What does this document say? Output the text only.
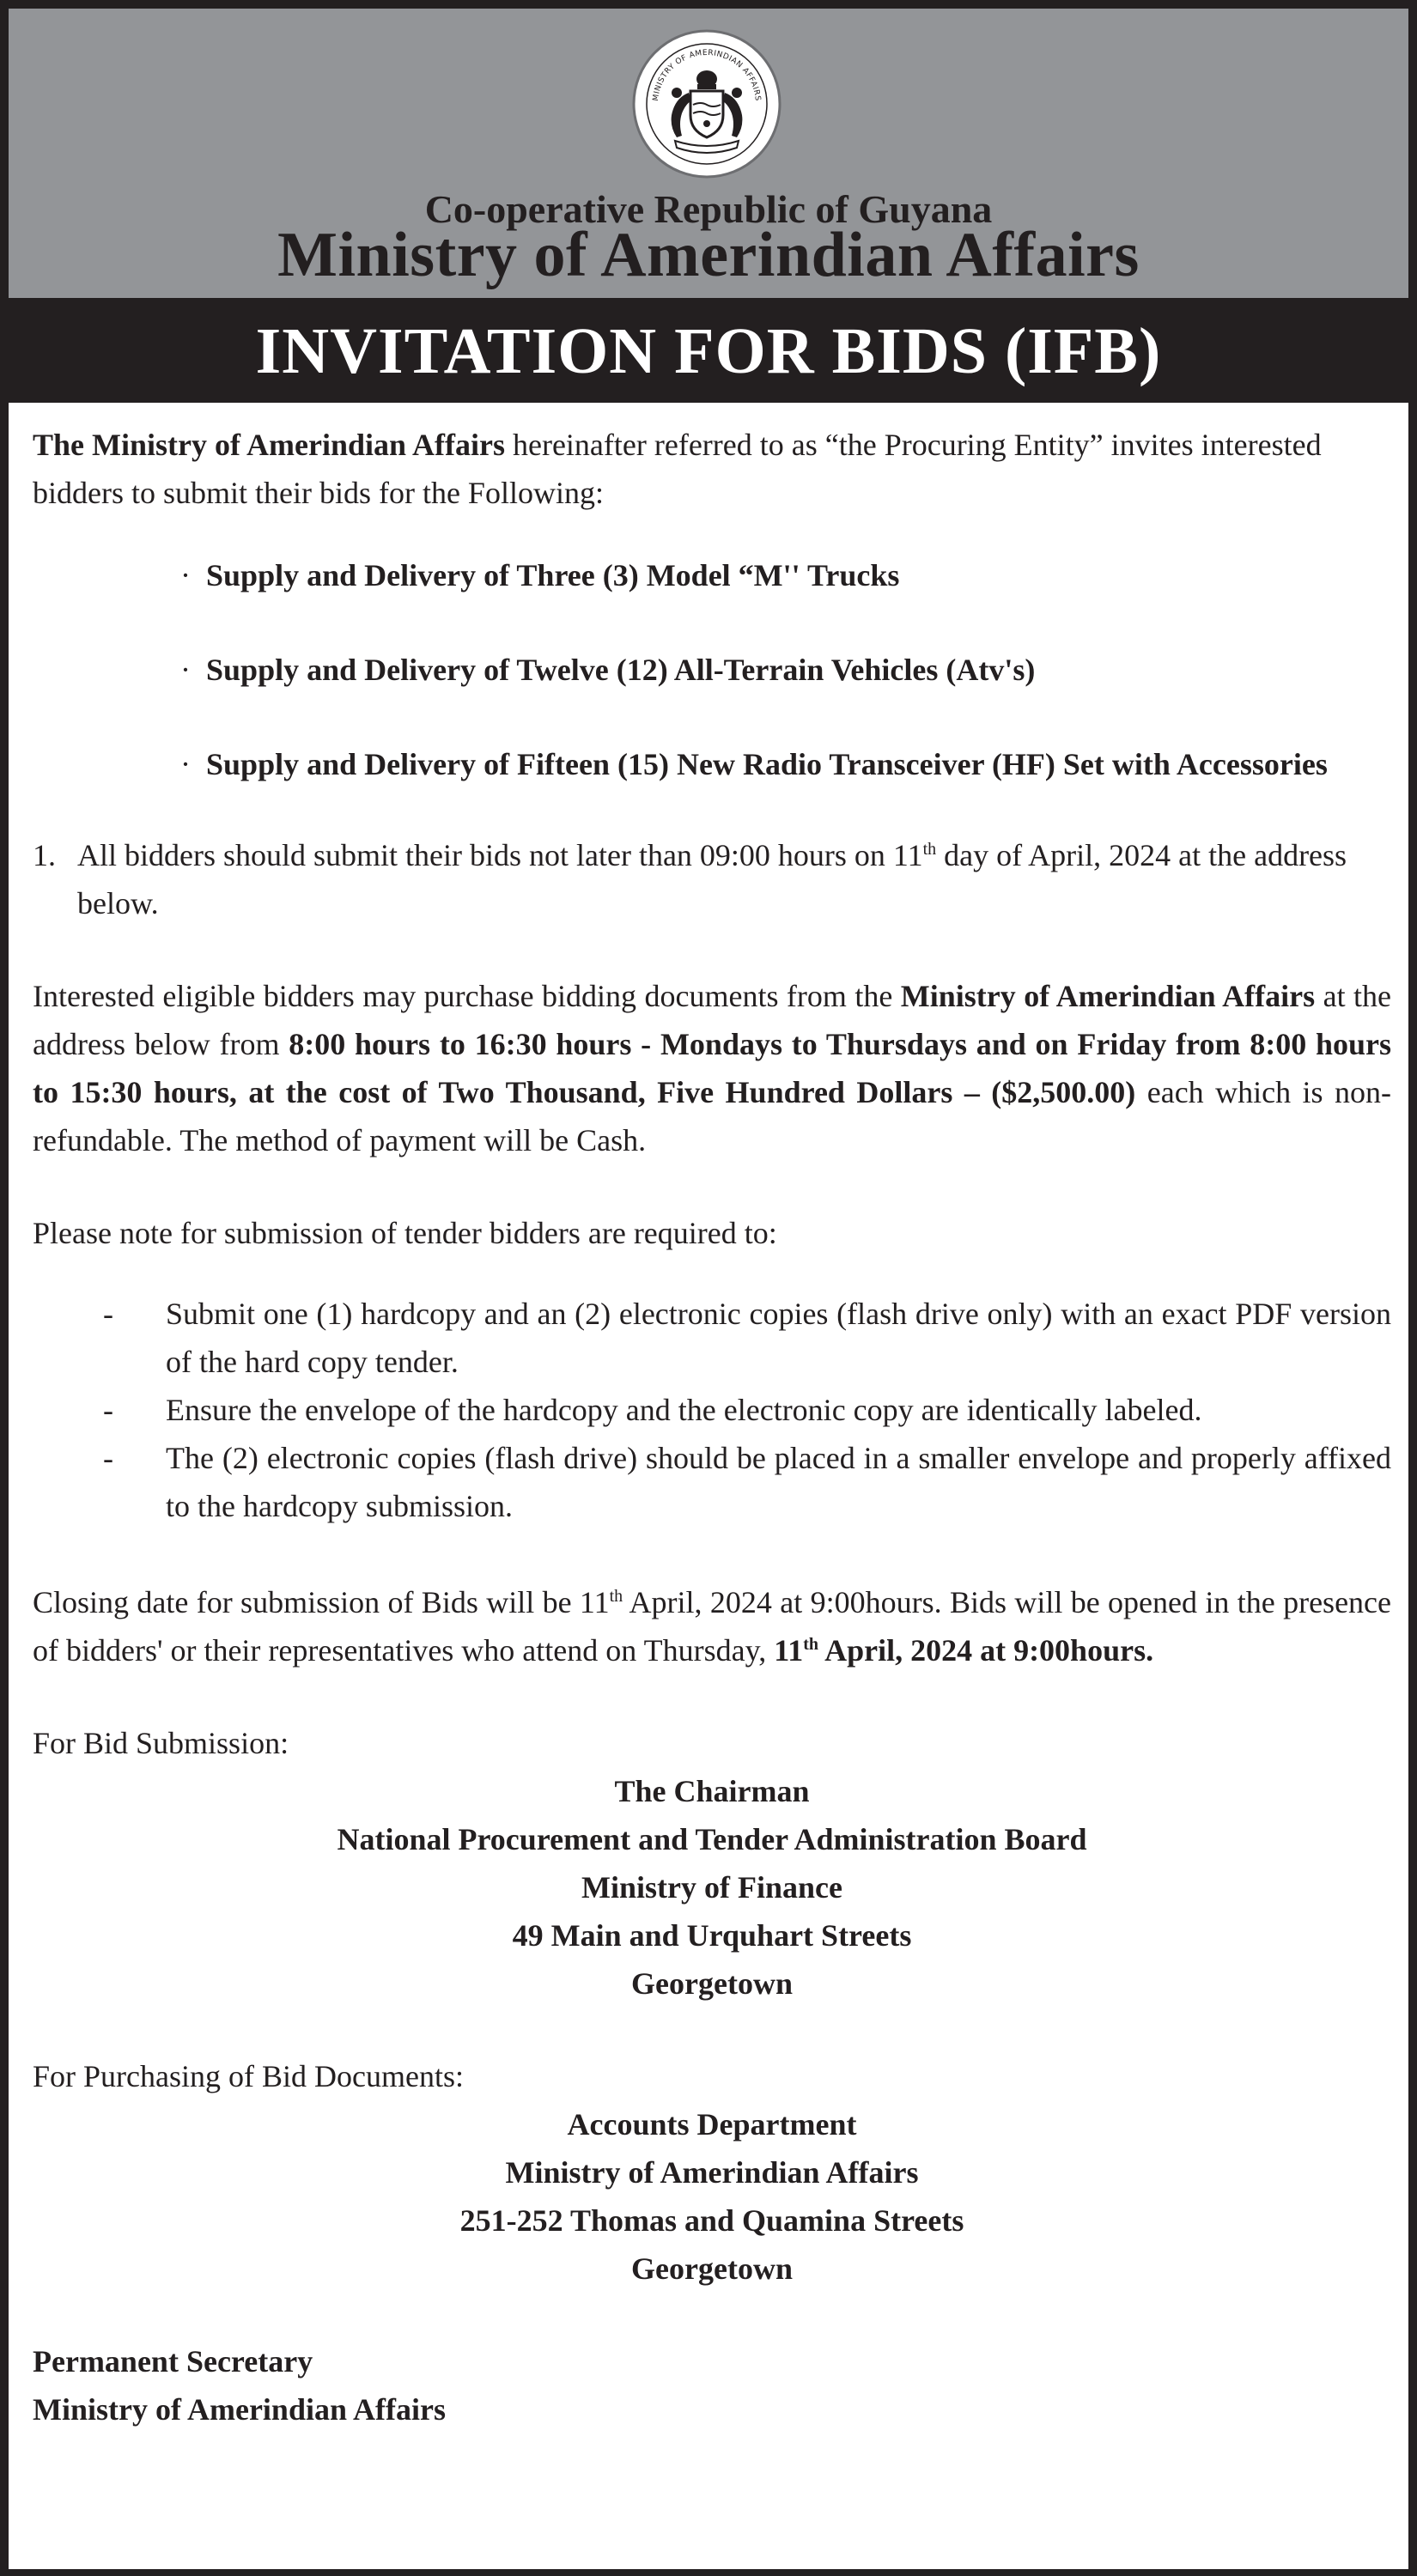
MINISTRY OF AMERINDIAN AFFAIRS
Co-operative Republic of Guyana
Ministry of Amerindian Affairs
INVITATION FOR BIDS (IFB)

The Ministry of Amerindian Affairs hereinafter referred to as “the Procuring Entity” invites interested bidders to submit their bids for the Following:

· Supply and Delivery of Three (3) Model “M'' Trucks
· Supply and Delivery of Twelve (12) All-Terrain Vehicles (Atv's)
· Supply and Delivery of Fifteen (15) New Radio Transceiver (HF) Set with Accessories

1. All bidders should submit their bids not later than 09:00 hours on 11th day of April, 2024 at the address below.

Interested eligible bidders may purchase bidding documents from the Ministry of Amerindian Affairs at the address below from 8:00 hours to 16:30 hours - Mondays to Thursdays and on Friday from 8:00 hours to 15:30 hours, at the cost of Two Thousand, Five Hundred Dollars – ($2,500.00) each which is non-refundable. The method of payment will be Cash.

Please note for submission of tender bidders are required to:

- Submit one (1) hardcopy and an (2) electronic copies (flash drive only) with an exact PDF version of the hard copy tender.
- Ensure the envelope of the hardcopy and the electronic copy are identically labeled.
- The (2) electronic copies (flash drive) should be placed in a smaller envelope and properly affixed to the hardcopy submission.

Closing date for submission of Bids will be 11th April, 2024 at 9:00hours. Bids will be opened in the presence of bidders' or their representatives who attend on Thursday, 11th April, 2024 at 9:00hours.

For Bid Submission:

The Chairman

National Procurement and Tender Administration Board

Ministry of Finance

49 Main and Urquhart Streets

Georgetown

For Purchasing of Bid Documents:

Accounts Department

Ministry of Amerindian Affairs

251-252 Thomas and Quamina Streets

Georgetown

Permanent Secretary

Ministry of Amerindian Affairs
